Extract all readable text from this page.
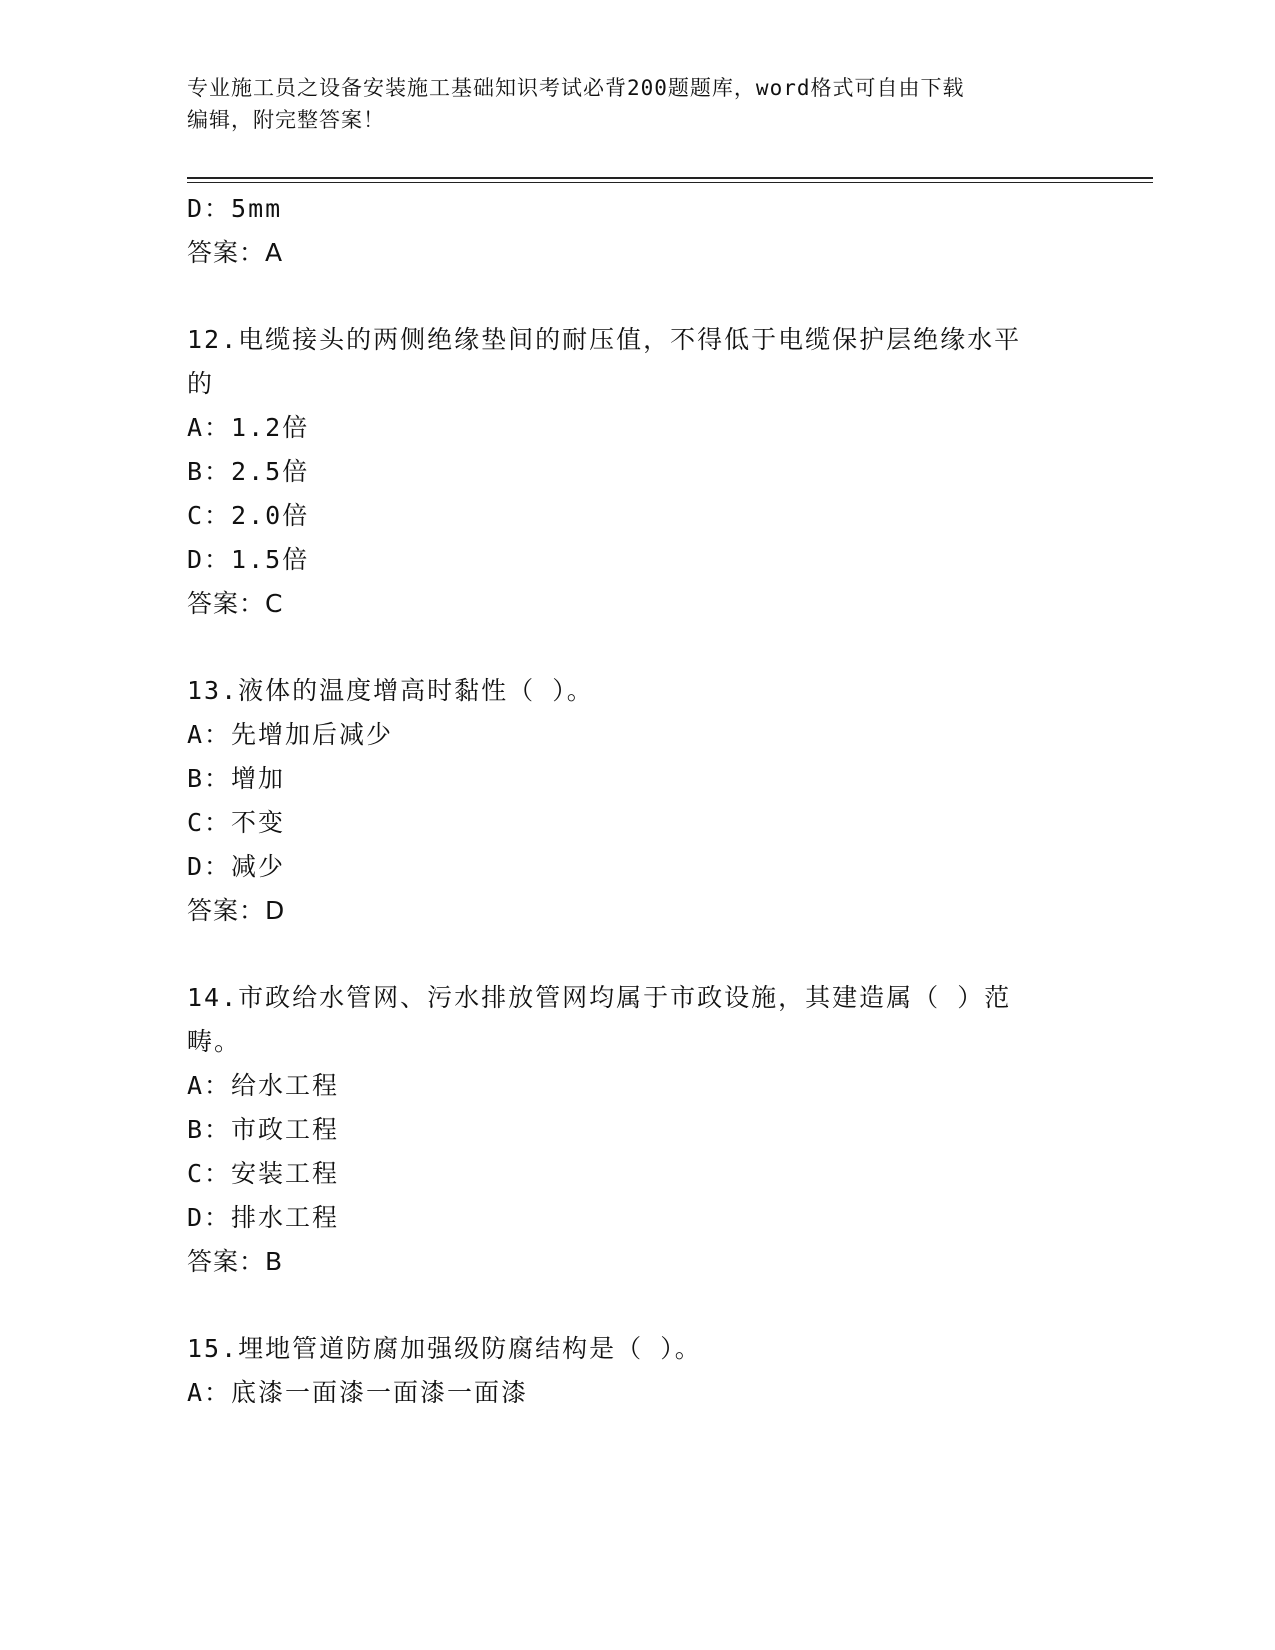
专业施工员之设备安装施工基础知识考试必背200题题库，word格式可自由下载
编辑，附完整答案！
D：5mm
答案：A
12.电缆接头的两侧绝缘垫间的耐压值，不得低于电缆保护层绝缘水平
的
A：1.2倍
B：2.5倍
C：2.0倍
D：1.5倍
答案：C
13.液体的温度增高时黏性（ ）。
A：先增加后减少
B：增加
C：不变
D：减少
答案：D
14.市政给水管网、污水排放管网均属于市政设施，其建造属（ ）范
畴。
A：给水工程
B：市政工程
C：安装工程
D：排水工程
答案：B
15.埋地管道防腐加强级防腐结构是（ ）。
A：底漆一面漆一面漆一面漆
